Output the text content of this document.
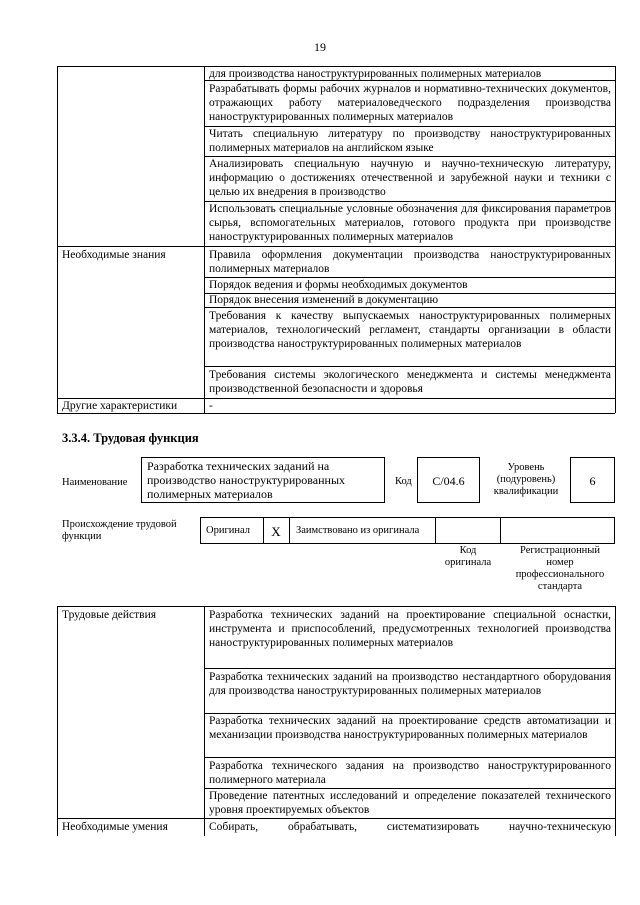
19
для производства наноструктурированных полимерных материалов
Разрабатывать формы рабочих журналов и нормативно-технических документов, отражающих работу материаловедческого подразделения производства наноструктурированных полимерных материалов
Читать специальную литературу по производству наноструктурированных полимерных материалов на английском языке
Анализировать специальную научную и научно-техническую литературу, информацию о достижениях отечественной и зарубежной науки и техники с целью их внедрения в производство
Использовать специальные условные обозначения для фиксирования параметров сырья, вспомогательных материалов, готового продукта при производстве наноструктурированных полимерных материалов
Необходимые знания	Правила оформления документации производства наноструктурированных полимерных материалов
Порядок ведения и формы необходимых документов
Порядок внесения изменений в документацию
Требования к качеству выпускаемых наноструктурированных полимерных материалов, технологический регламент, стандарты организации в области производства наноструктурированных полимерных материалов
Требования системы экологического менеджмента и системы менеджмента производственной безопасности и здоровья
Другие характеристики	-
3.3.4. Трудовая функция
Наименование
Разработка технических заданий на производство наноструктурированных полимерных материалов
Код	C/04.6
Уровень (подуровень) квалификации
6
Происхождение трудовой функции
Оригинал	X	Заимствовано из оригинала
Код оригинала
Регистрационный номер профессионального стандарта
Трудовые действия	Разработка технических заданий на проектирование специальной оснастки, инструмента и приспособлений, предусмотренных технологией производства наноструктурированных полимерных материалов
Разработка технических заданий на производство нестандартного оборудования для производства наноструктурированных полимерных материалов
Разработка технических заданий на проектирование средств автоматизации и механизации производства наноструктурированных полимерных материалов
Разработка технического задания на производство наноструктурированного полимерного материала
Проведение патентных исследований и определение показателей технического уровня проектируемых объектов
Необходимые умения	Собирать, обрабатывать, систематизировать научно-техническую
